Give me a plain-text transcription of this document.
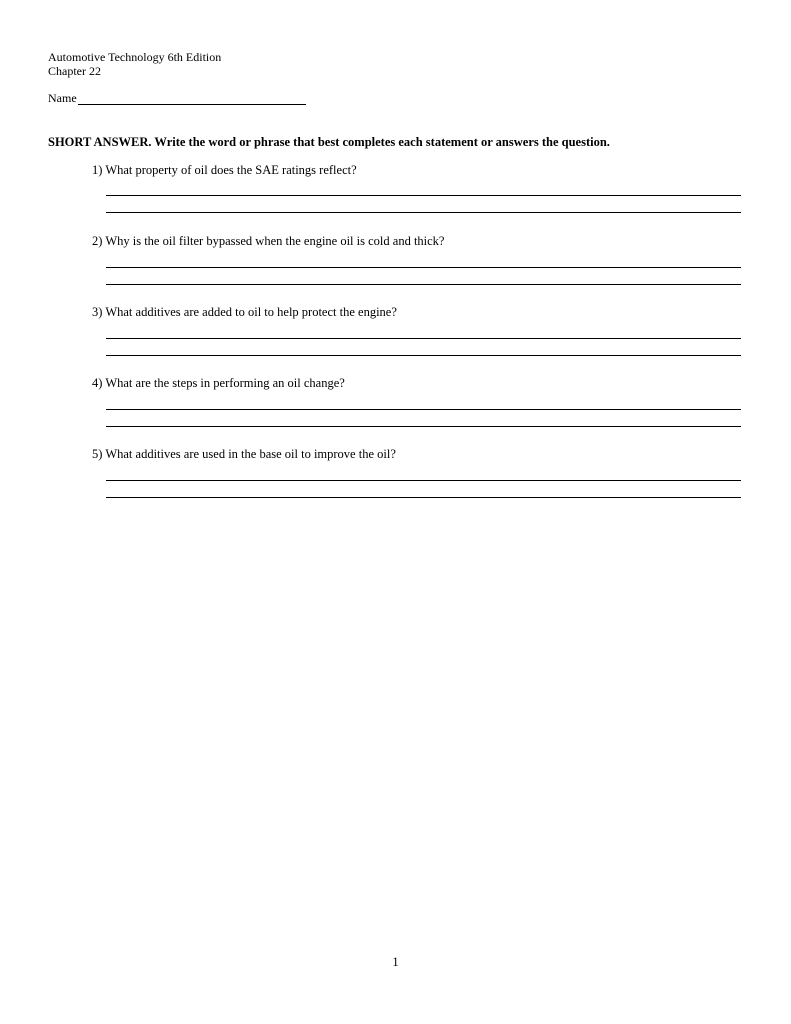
Automotive Technology 6th Edition
Chapter 22
Name
SHORT ANSWER. Write the word or phrase that best completes each statement or answers the question.
1) What property of oil does the SAE ratings reflect?
2) Why is the oil filter bypassed when the engine oil is cold and thick?
3) What additives are added to oil to help protect the engine?
4) What are the steps in performing an oil change?
5) What additives are used in the base oil to improve the oil?
1
